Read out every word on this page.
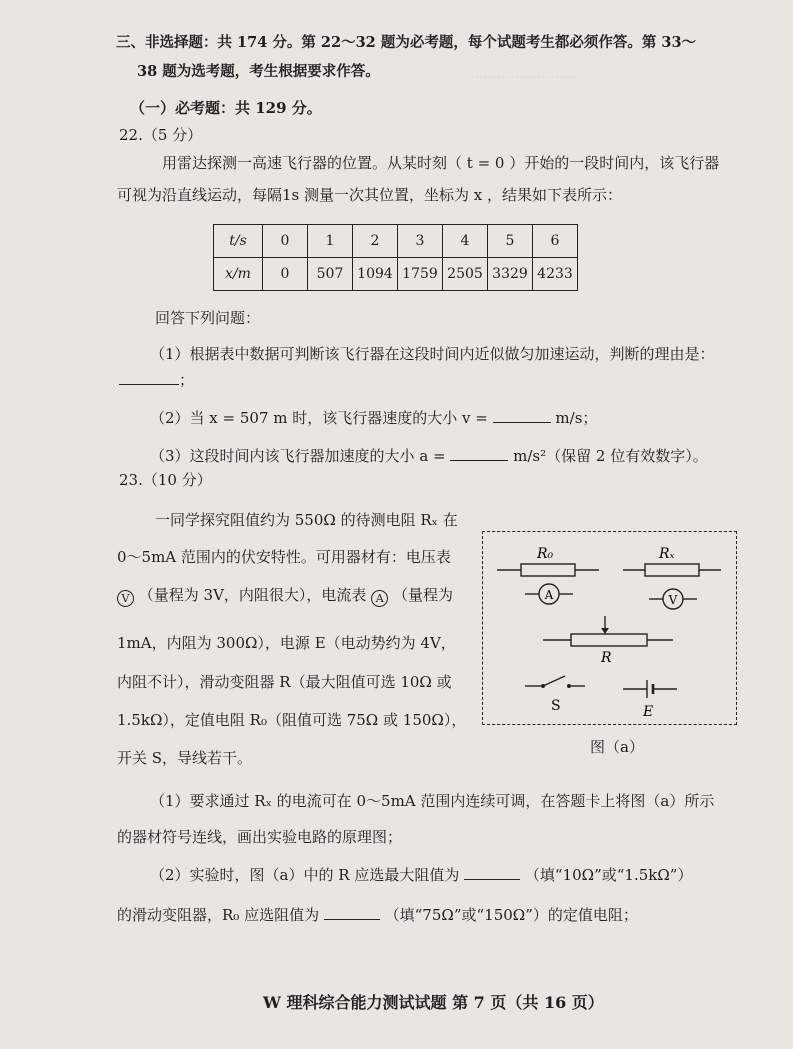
························
三、非选择题：共 174 分。第 22～32 题为必考题，每个试题考生都必须作答。第 33～
38 题为选考题，考生根据要求作答。
（一）必考题：共 129 分。
22.（5 分）
用雷达探测一高速飞行器的位置。从某时刻（ t = 0 ）开始的一段时间内，该飞行器
可视为沿直线运动，每隔1s 测量一次其位置，坐标为 x ，结果如下表所示：
t/s	0	1	2	3	4	5	6
x/m	0	507	1094	1759	2505	3329	4233
回答下列问题：
（1）根据表中数据可判断该飞行器在这段时间内近似做匀加速运动，判断的理由是：
；
（2）当 x = 507 m 时，该飞行器速度的大小 v =	m/s；
（3）这段时间内该飞行器加速度的大小 a =	m/s²（保留 2 位有效数字）。
23.（10 分）
一同学探究阻值约为 550Ω 的待测电阻 Rₓ 在
0～5mA 范围内的伏安特性。可用器材有：电压表
V （量程为 3V，内阻很大），电流表 A （量程为
1mA，内阻为 300Ω），电源 E（电动势约为 4V，
内阻不计），滑动变阻器 R（最大阻值可选 10Ω 或
1.5kΩ），定值电阻 R₀（阻值可选 75Ω 或 150Ω），
开关 S，导线若干。
R₀	Rₓ
A	V
R
S	E
图（a）
（1）要求通过 Rₓ 的电流可在 0～5mA 范围内连续可调，在答题卡上将图（a）所示
的器材符号连线，画出实验电路的原理图；
（2）实验时，图（a）中的 R 应选最大阻值为	（填“10Ω”或“1.5kΩ”）
的滑动变阻器，R₀ 应选阻值为	（填“75Ω”或“150Ω”）的定值电阻；
W 理科综合能力测试试题 第 7 页（共 16 页）
